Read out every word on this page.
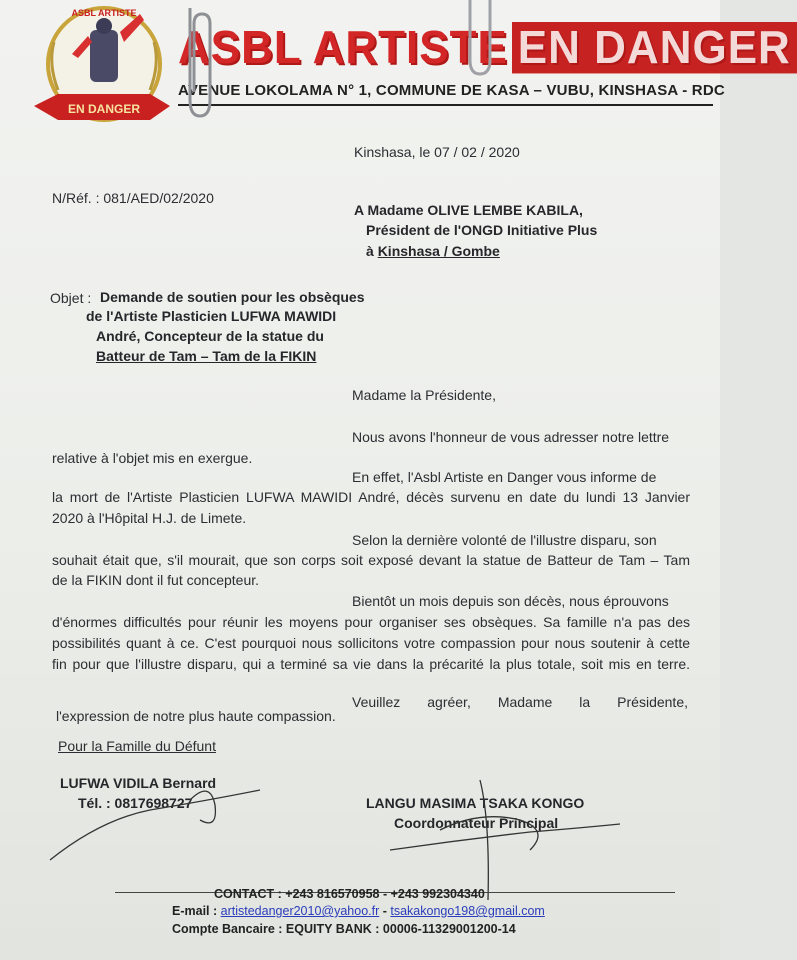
EN DANGER
ASBL ARTISTE
ASBL ARTISTE EN DANGER
AVENUE LOKOLAMA N° 1, COMMUNE DE KASA – VUBU, KINSHASA - RDC
Kinshasa, le 07 / 02 / 2020
N/Réf. : 081/AED/02/2020
A Madame OLIVE LEMBE KABILA,
Président de l'ONGD Initiative Plus
à Kinshasa / Gombe
Objet : Demande de soutien pour les obsèques
de l'Artiste Plasticien LUFWA MAWIDI
André, Concepteur de la statue du
Batteur de Tam – Tam de la FIKIN
Madame la Présidente,
Nous avons l'honneur de vous adresser notre lettre
relative à l'objet mis en exergue.
En effet, l'Asbl Artiste en Danger vous informe de
la mort de l'Artiste Plasticien LUFWA MAWIDI André, décès survenu en date du lundi 13 Janvier
2020 à l'Hôpital H.J. de Limete.
Selon la dernière volonté de l'illustre disparu, son
souhait était que, s'il mourait, que son corps soit exposé devant la statue de Batteur de Tam – Tam
de la FIKIN dont il fut concepteur.
Bientôt un mois depuis son décès, nous éprouvons
d'énormes difficultés pour réunir les moyens pour organiser ses obsèques. Sa famille n'a pas des
possibilités quant à ce. C'est pourquoi nous sollicitons votre compassion pour nous soutenir à cette
fin pour que l'illustre disparu, qui a terminé sa vie dans la précarité la plus totale, soit mis en terre.
Veuillez agréer, Madame la Présidente,
l'expression de notre plus haute compassion.
Pour la Famille du Défunt
LUFWA VIDILA Bernard
Tél. : 0817698727	LANGU MASIMA TSAKA KONGO
Coordonnateur Principal
CONTACT : +243 816570958 - +243 992304340
E-mail : artistedanger2010@yahoo.fr - tsakakongo198@gmail.com
Compte Bancaire : EQUITY BANK : 00006-11329001200-14
